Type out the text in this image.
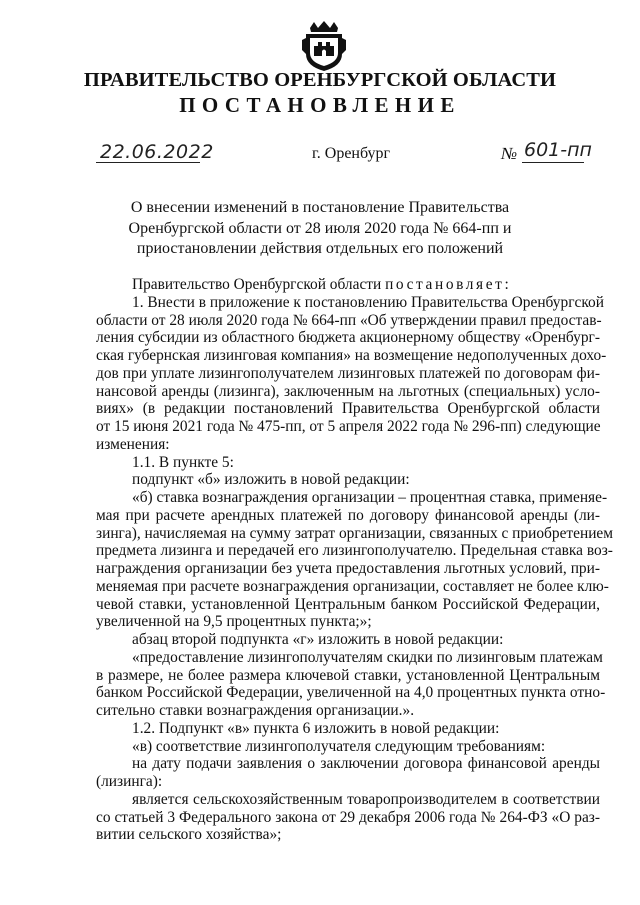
ПРАВИТЕЛЬСТВО ОРЕНБУРГСКОЙ ОБЛАСТИ
ПОСТАНОВЛЕНИЕ
22.06.2022	г. Оренбург	№ 601-пп
О внесении изменений в постановление Правительства
Оренбургской области от 28 июля 2020 года № 664-пп и
приостановлении действия отдельных его положений
Правительство Оренбургской области постановляет:
1. Внести в приложение к постановлению Правительства Оренбургской
области от 28 июля 2020 года № 664-пп «Об утверждении правил предостав-
ления субсидии из областного бюджета акционерному обществу «Оренбург-
ская губернская лизинговая компания» на возмещение недополученных дохо-
дов при уплате лизингополучателем лизинговых платежей по договорам фи-
нансовой аренды (лизинга), заключенным на льготных (специальных) усло-
виях» (в редакции постановлений Правительства Оренбургской области
от 15 июня 2021 года № 475-пп, от 5 апреля 2022 года № 296-пп) следующие
изменения:
1.1. В пункте 5:
подпункт «б» изложить в новой редакции:
«б) ставка вознаграждения организации – процентная ставка, применяе-
мая при расчете арендных платежей по договору финансовой аренды (ли-
зинга), начисляемая на сумму затрат организации, связанных с приобретением
предмета лизинга и передачей его лизингополучателю. Предельная ставка воз-
награждения организации без учета предоставления льготных условий, при-
меняемая при расчете вознаграждения организации, составляет не более клю-
чевой ставки, установленной Центральным банком Российской Федерации,
увеличенной на 9,5 процентных пункта;»;
абзац второй подпункта «г» изложить в новой редакции:
«предоставление лизингополучателям скидки по лизинговым платежам
в размере, не более размера ключевой ставки, установленной Центральным
банком Российской Федерации, увеличенной на 4,0 процентных пункта отно-
сительно ставки вознаграждения организации.».
1.2. Подпункт «в» пункта 6 изложить в новой редакции:
«в) соответствие лизингополучателя следующим требованиям:
на дату подачи заявления о заключении договора финансовой аренды
(лизинга):
является сельскохозяйственным товаропроизводителем в соответствии
со статьей 3 Федерального закона от 29 декабря 2006 года № 264-ФЗ «О раз-
витии сельского хозяйства»;
